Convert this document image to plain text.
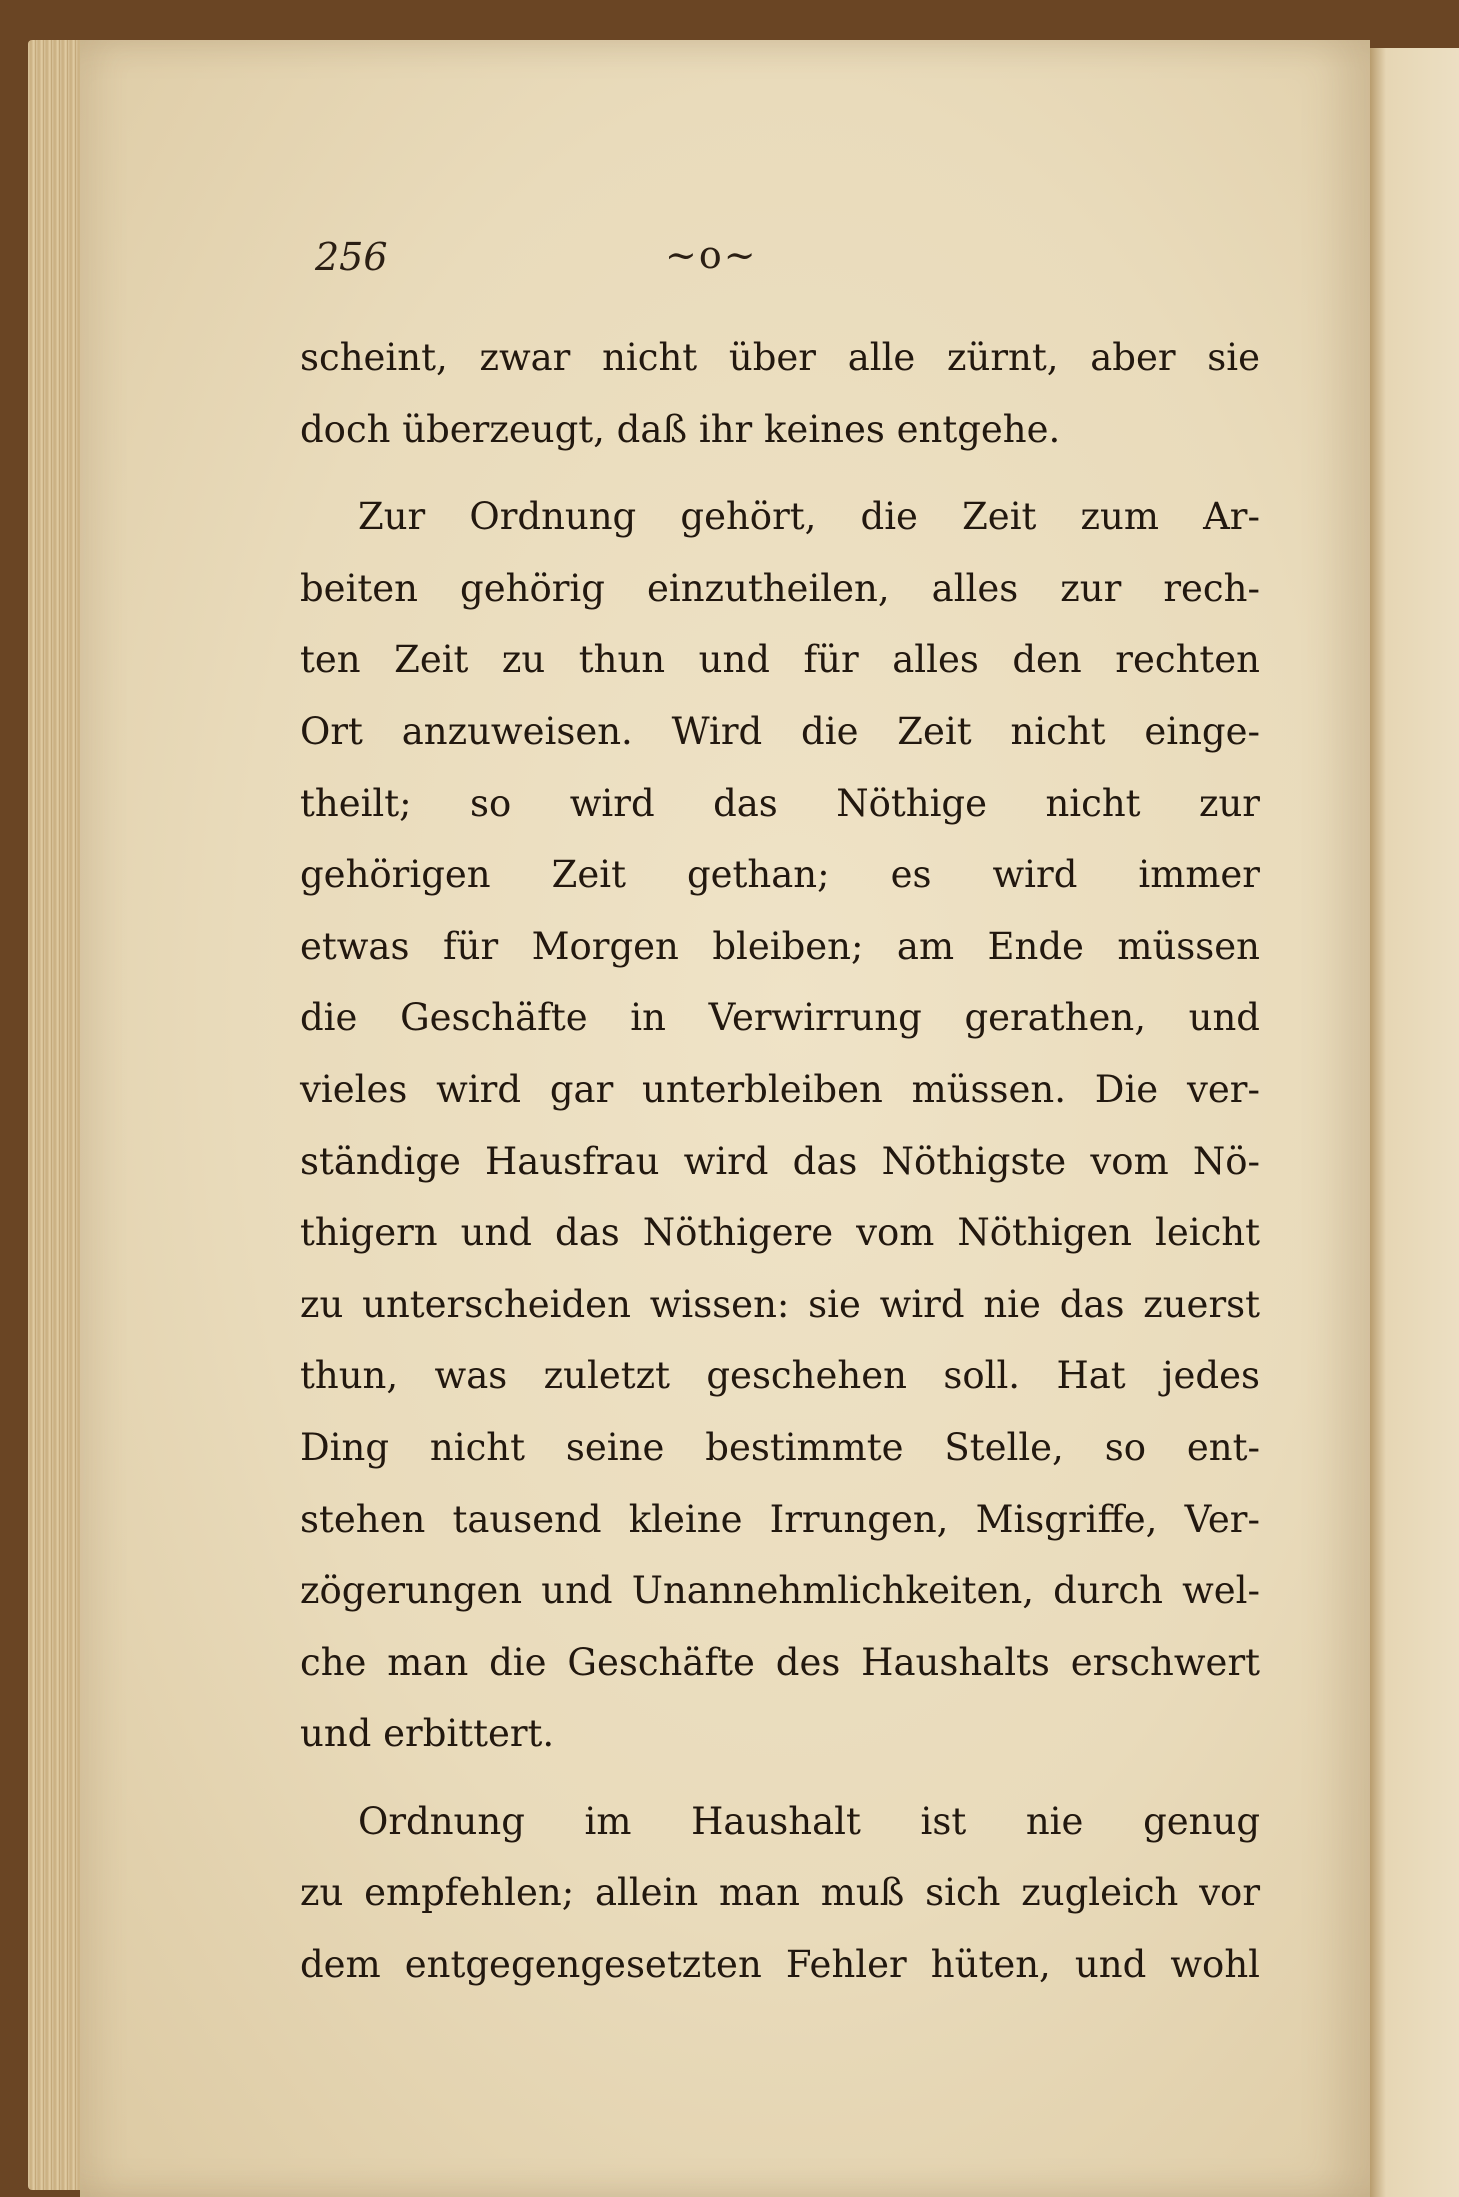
256	~o~

scheint, zwar nicht über alle zürnt, aber sie
doch überzeugt, daß ihr keines entgehe.

Zur Ordnung gehört, die Zeit zum Ar-
beiten gehörig einzutheilen, alles zur rech-
ten Zeit zu thun und für alles den rechten
Ort anzuweisen. Wird die Zeit nicht einge-
theilt; so wird das Nöthige nicht zur
gehörigen Zeit gethan; es wird immer
etwas für Morgen bleiben; am Ende müssen
die Geschäfte in Verwirrung gerathen, und
vieles wird gar unterbleiben müssen. Die ver-
ständige Hausfrau wird das Nöthigste vom Nö-
thigern und das Nöthigere vom Nöthigen leicht
zu unterscheiden wissen: sie wird nie das zuerst
thun, was zuletzt geschehen soll. Hat jedes
Ding nicht seine bestimmte Stelle, so ent-
stehen tausend kleine Irrungen, Misgriffe, Ver-
zögerungen und Unannehmlichkeiten, durch wel-
che man die Geschäfte des Haushalts erschwert
und erbittert.

Ordnung im Haushalt ist nie genug
zu empfehlen; allein man muß sich zugleich vor
dem entgegengesetzten Fehler hüten, und wohl
